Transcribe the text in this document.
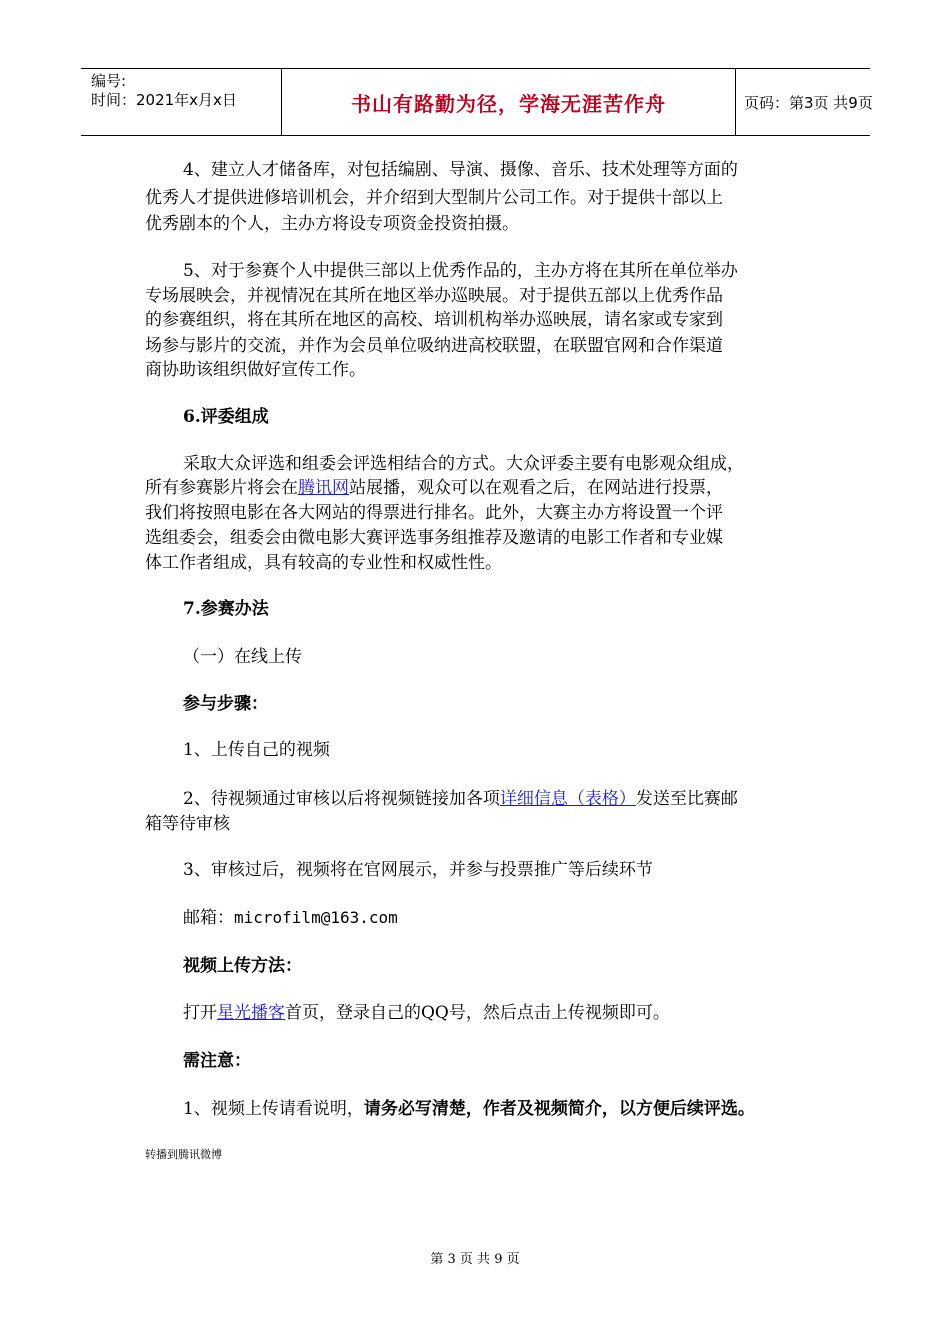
编号:
时间：2021年x月x日	书山有路勤为径，学海无涯苦作舟	页码：第3页 共9页
4、建立人才储备库，对包括编剧、导演、摄像、音乐、技术处理等方面的
优秀人才提供进修培训机会，并介绍到大型制片公司工作。对于提供十部以上
优秀剧本的个人，主办方将设专项资金投资拍摄。
5、对于参赛个人中提供三部以上优秀作品的，主办方将在其所在单位举办
专场展映会，并视情况在其所在地区举办巡映展。对于提供五部以上优秀作品
的参赛组织，将在其所在地区的高校、培训机构举办巡映展，请名家或专家到
场参与影片的交流，并作为会员单位吸纳进高校联盟，在联盟官网和合作渠道
商协助该组织做好宣传工作。
6.评委组成
采取大众评选和组委会评选相结合的方式。大众评委主要有电影观众组成，
所有参赛影片将会在腾讯网站展播，观众可以在观看之后，在网站进行投票，
我们将按照电影在各大网站的得票进行排名。此外，大赛主办方将设置一个评
选组委会，组委会由微电影大赛评选事务组推荐及邀请的电影工作者和专业媒
体工作者组成，具有较高的专业性和权威性性。
7.参赛办法
（一）在线上传
参与步骤：
1、上传自己的视频
2、待视频通过审核以后将视频链接加各项详细信息（表格）发送至比赛邮
箱等待审核
3、审核过后，视频将在官网展示，并参与投票推广等后续环节
邮箱：microfilm@163.com
视频上传方法：
打开星光播客首页，登录自己的QQ号，然后点击上传视频即可。
需注意：
1、视频上传请看说明，请务必写清楚，作者及视频简介，以方便后续评选。
转播到腾讯微博
第 3 页 共 9 页
